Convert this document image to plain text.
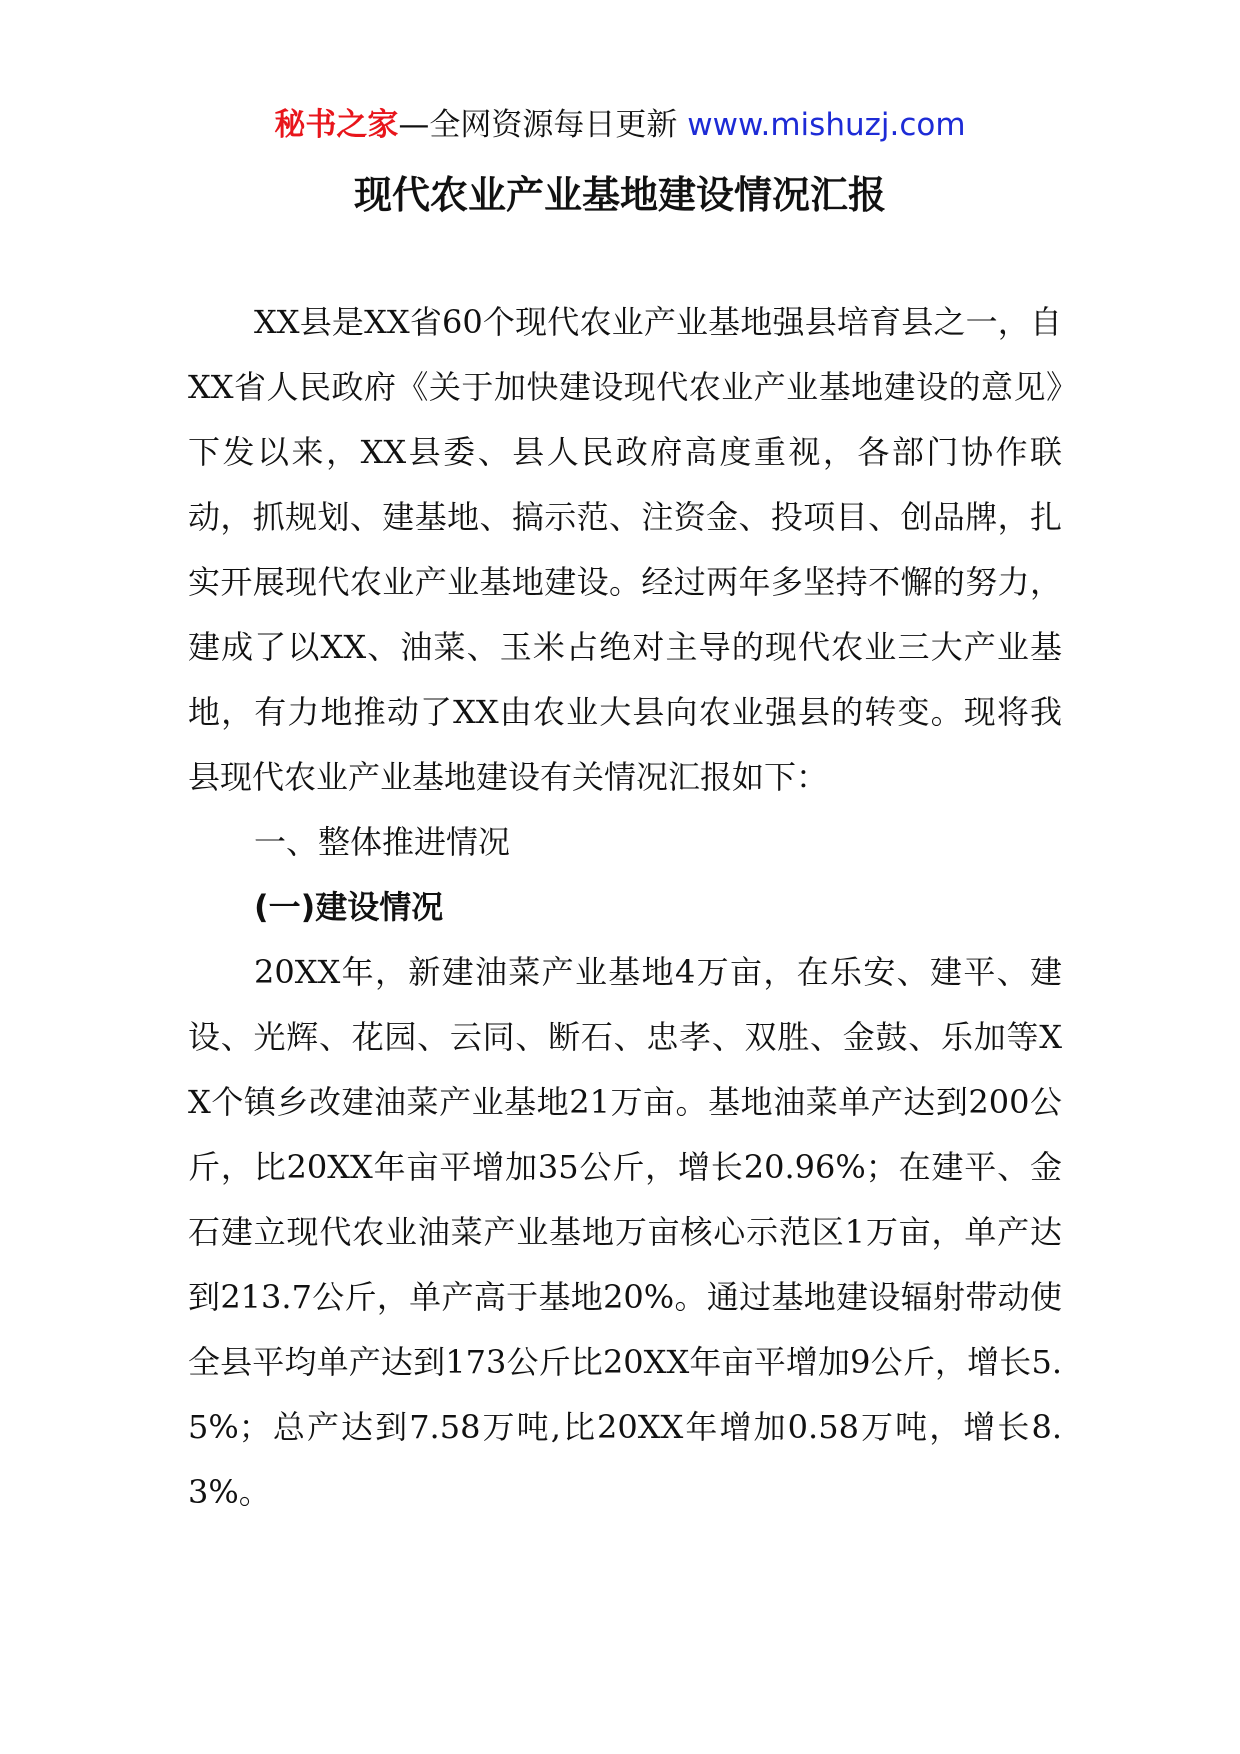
秘书之家—全网资源每日更新 www.mishuzj.com
现代农业产业基地建设情况汇报

XX县是XX省60个现代农业产业基地强县培育县之一，自XX省人民政府《关于加快建设现代农业产业基地建设的意见》下发以来，XX县委、县人民政府高度重视，各部门协作联动，抓规划、建基地、搞示范、注资金、投项目、创品牌，扎实开展现代农业产业基地建设。经过两年多坚持不懈的努力，建成了以XX、油菜、玉米占绝对主导的现代农业三大产业基地，有力地推动了XX由农业大县向农业强县的转变。现将我县现代农业产业基地建设有关情况汇报如下：

一、整体推进情况

(一)建设情况

20XX年，新建油菜产业基地4万亩，在乐安、建平、建设、光辉、花园、云同、断石、忠孝、双胜、金鼓、乐加等XX个镇乡改建油菜产业基地21万亩。基地油菜单产达到200公斤，比20XX年亩平增加35公斤，增长20.96%；在建平、金石建立现代农业油菜产业基地万亩核心示范区1万亩，单产达到213.7公斤，单产高于基地20%。通过基地建设辐射带动使全县平均单产达到173公斤比20XX年亩平增加9公斤，增长5.5%；总产达到7.58万吨,比20XX年增加0.58万吨，增长8.3%。
